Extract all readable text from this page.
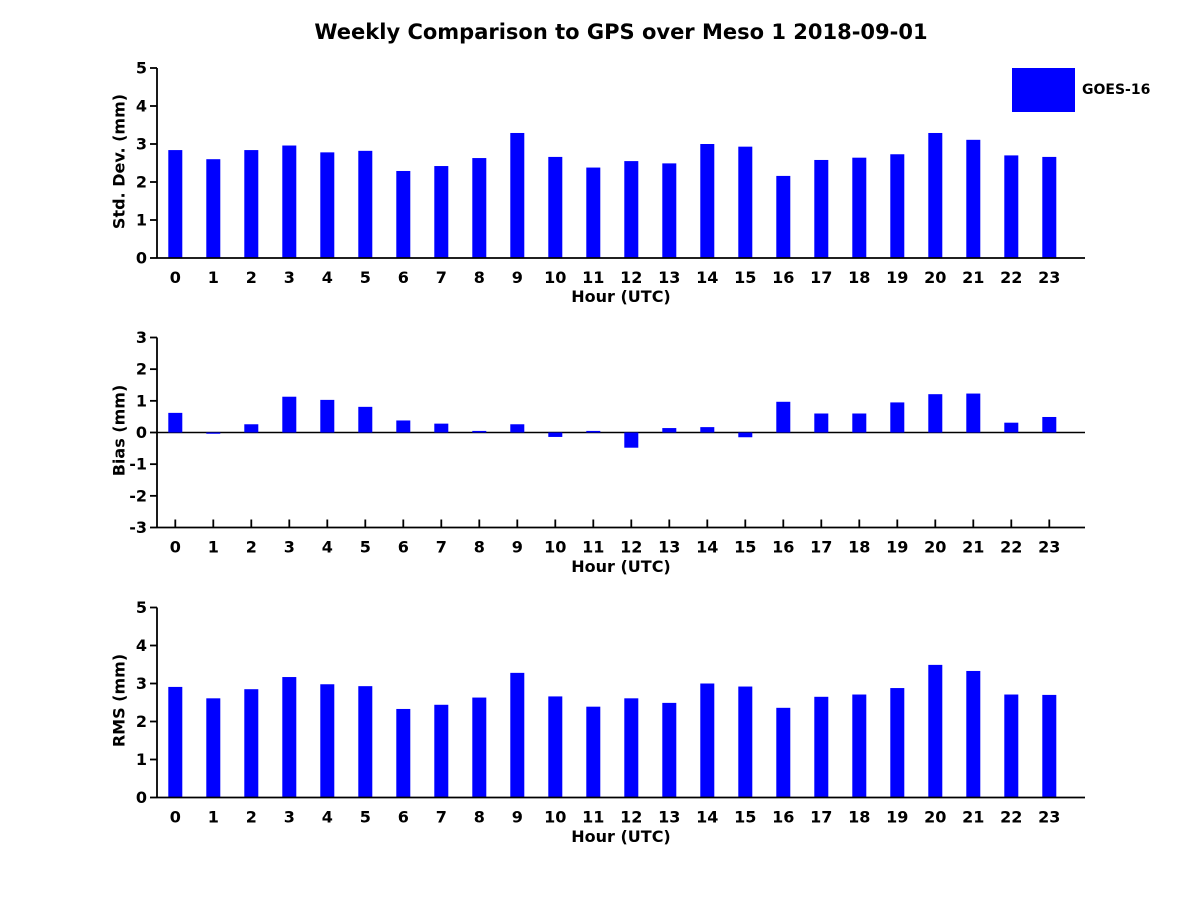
Weekly Comparison to GPS over Meso 1 2018-09-01
0
1
2
3
4
5
0 1 2 3 4 5 6 7 8 9 10 11 12 13 14 15 16 17 18 19 20 21 22 23
-3
-2
-1
0
1
2
3
0 1 2 3 4 5 6 7 8 9 10 11 12 13 14 15 16 17 18 19 20 21 22 23
0
1
2
3
4
5
0 1 2 3 4 5 6 7 8 9 10 11 12 13 14 15 16 17 18 19 20 21 22 23
Std. Dev. (mm)
Bias (mm)
RMS (mm)
Hour (UTC)
Hour (UTC)
Hour (UTC)
GOES-16
